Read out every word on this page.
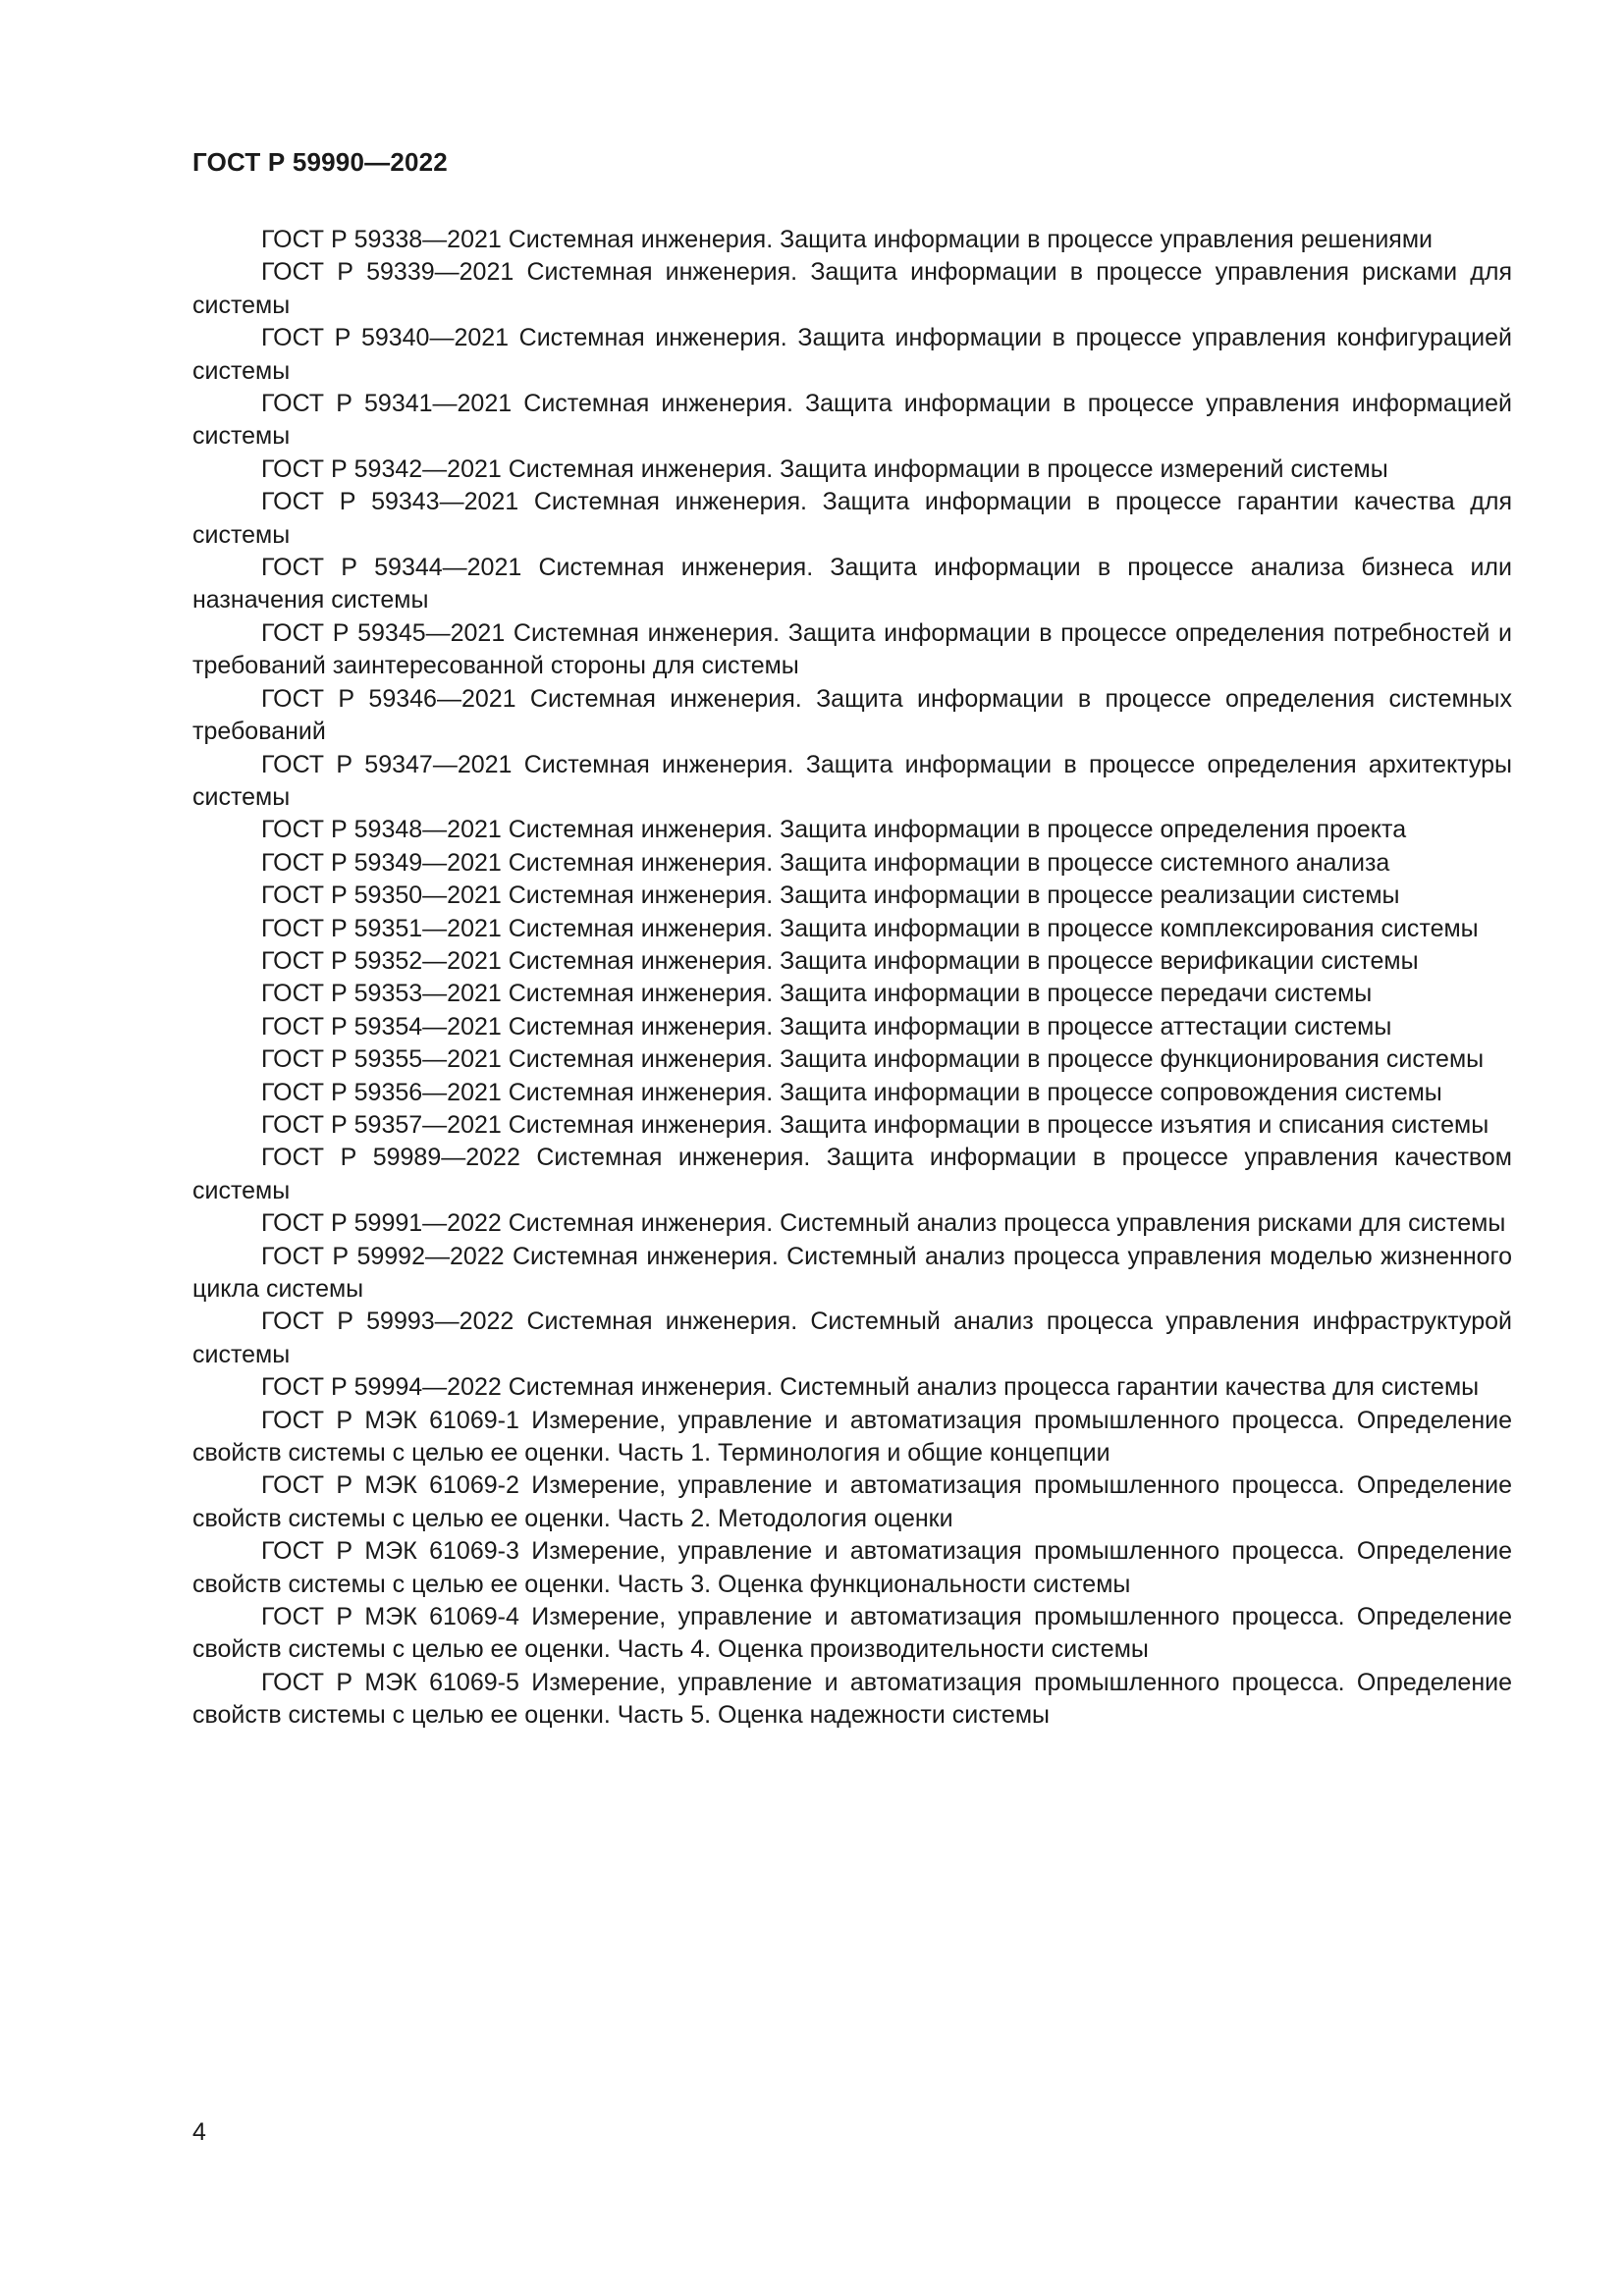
ГОСТ Р 59990—2022

ГОСТ Р 59338—2021 Системная инженерия. Защита информации в процессе управления решениями

ГОСТ Р 59339—2021 Системная инженерия. Защита информации в процессе управления рисками для системы

ГОСТ Р 59340—2021 Системная инженерия. Защита информации в процессе управления конфигурацией системы

ГОСТ Р 59341—2021 Системная инженерия. Защита информации в процессе управления информацией системы

ГОСТ Р 59342—2021 Системная инженерия. Защита информации в процессе измерений системы

ГОСТ Р 59343—2021 Системная инженерия. Защита информации в процессе гарантии качества для системы

ГОСТ Р 59344—2021 Системная инженерия. Защита информации в процессе анализа бизнеса или назначения системы

ГОСТ Р 59345—2021 Системная инженерия. Защита информации в процессе определения потребностей и требований заинтересованной стороны для системы

ГОСТ Р 59346—2021 Системная инженерия. Защита информации в процессе определения системных требований

ГОСТ Р 59347—2021 Системная инженерия. Защита информации в процессе определения архитектуры системы

ГОСТ Р 59348—2021 Системная инженерия. Защита информации в процессе определения проекта

ГОСТ Р 59349—2021 Системная инженерия. Защита информации в процессе системного анализа

ГОСТ Р 59350—2021 Системная инженерия. Защита информации в процессе реализации системы

ГОСТ Р 59351—2021 Системная инженерия. Защита информации в процессе комплексирования системы

ГОСТ Р 59352—2021 Системная инженерия. Защита информации в процессе верификации системы

ГОСТ Р 59353—2021 Системная инженерия. Защита информации в процессе передачи системы

ГОСТ Р 59354—2021 Системная инженерия. Защита информации в процессе аттестации системы

ГОСТ Р 59355—2021 Системная инженерия. Защита информации в процессе функционирования системы

ГОСТ Р 59356—2021 Системная инженерия. Защита информации в процессе сопровождения системы

ГОСТ Р 59357—2021 Системная инженерия. Защита информации в процессе изъятия и списания системы

ГОСТ Р 59989—2022 Системная инженерия. Защита информации в процессе управления качеством системы

ГОСТ Р 59991—2022 Системная инженерия. Системный анализ процесса управления рисками для системы

ГОСТ Р 59992—2022 Системная инженерия. Системный анализ процесса управления моделью жизненного цикла системы

ГОСТ Р 59993—2022 Системная инженерия. Системный анализ процесса управления инфраструктурой системы

ГОСТ Р 59994—2022 Системная инженерия. Системный анализ процесса гарантии качества для системы

ГОСТ Р МЭК 61069-1 Измерение, управление и автоматизация промышленного процесса. Определение свойств системы с целью ее оценки. Часть 1. Терминология и общие концепции

ГОСТ Р МЭК 61069-2 Измерение, управление и автоматизация промышленного процесса. Определение свойств системы с целью ее оценки. Часть 2. Методология оценки

ГОСТ Р МЭК 61069-3 Измерение, управление и автоматизация промышленного процесса. Определение свойств системы с целью ее оценки. Часть 3. Оценка функциональности системы

ГОСТ Р МЭК 61069-4 Измерение, управление и автоматизация промышленного процесса. Определение свойств системы с целью ее оценки. Часть 4. Оценка производительности системы

ГОСТ Р МЭК 61069-5 Измерение, управление и автоматизация промышленного процесса. Определение свойств системы с целью ее оценки. Часть 5. Оценка надежности системы

4
